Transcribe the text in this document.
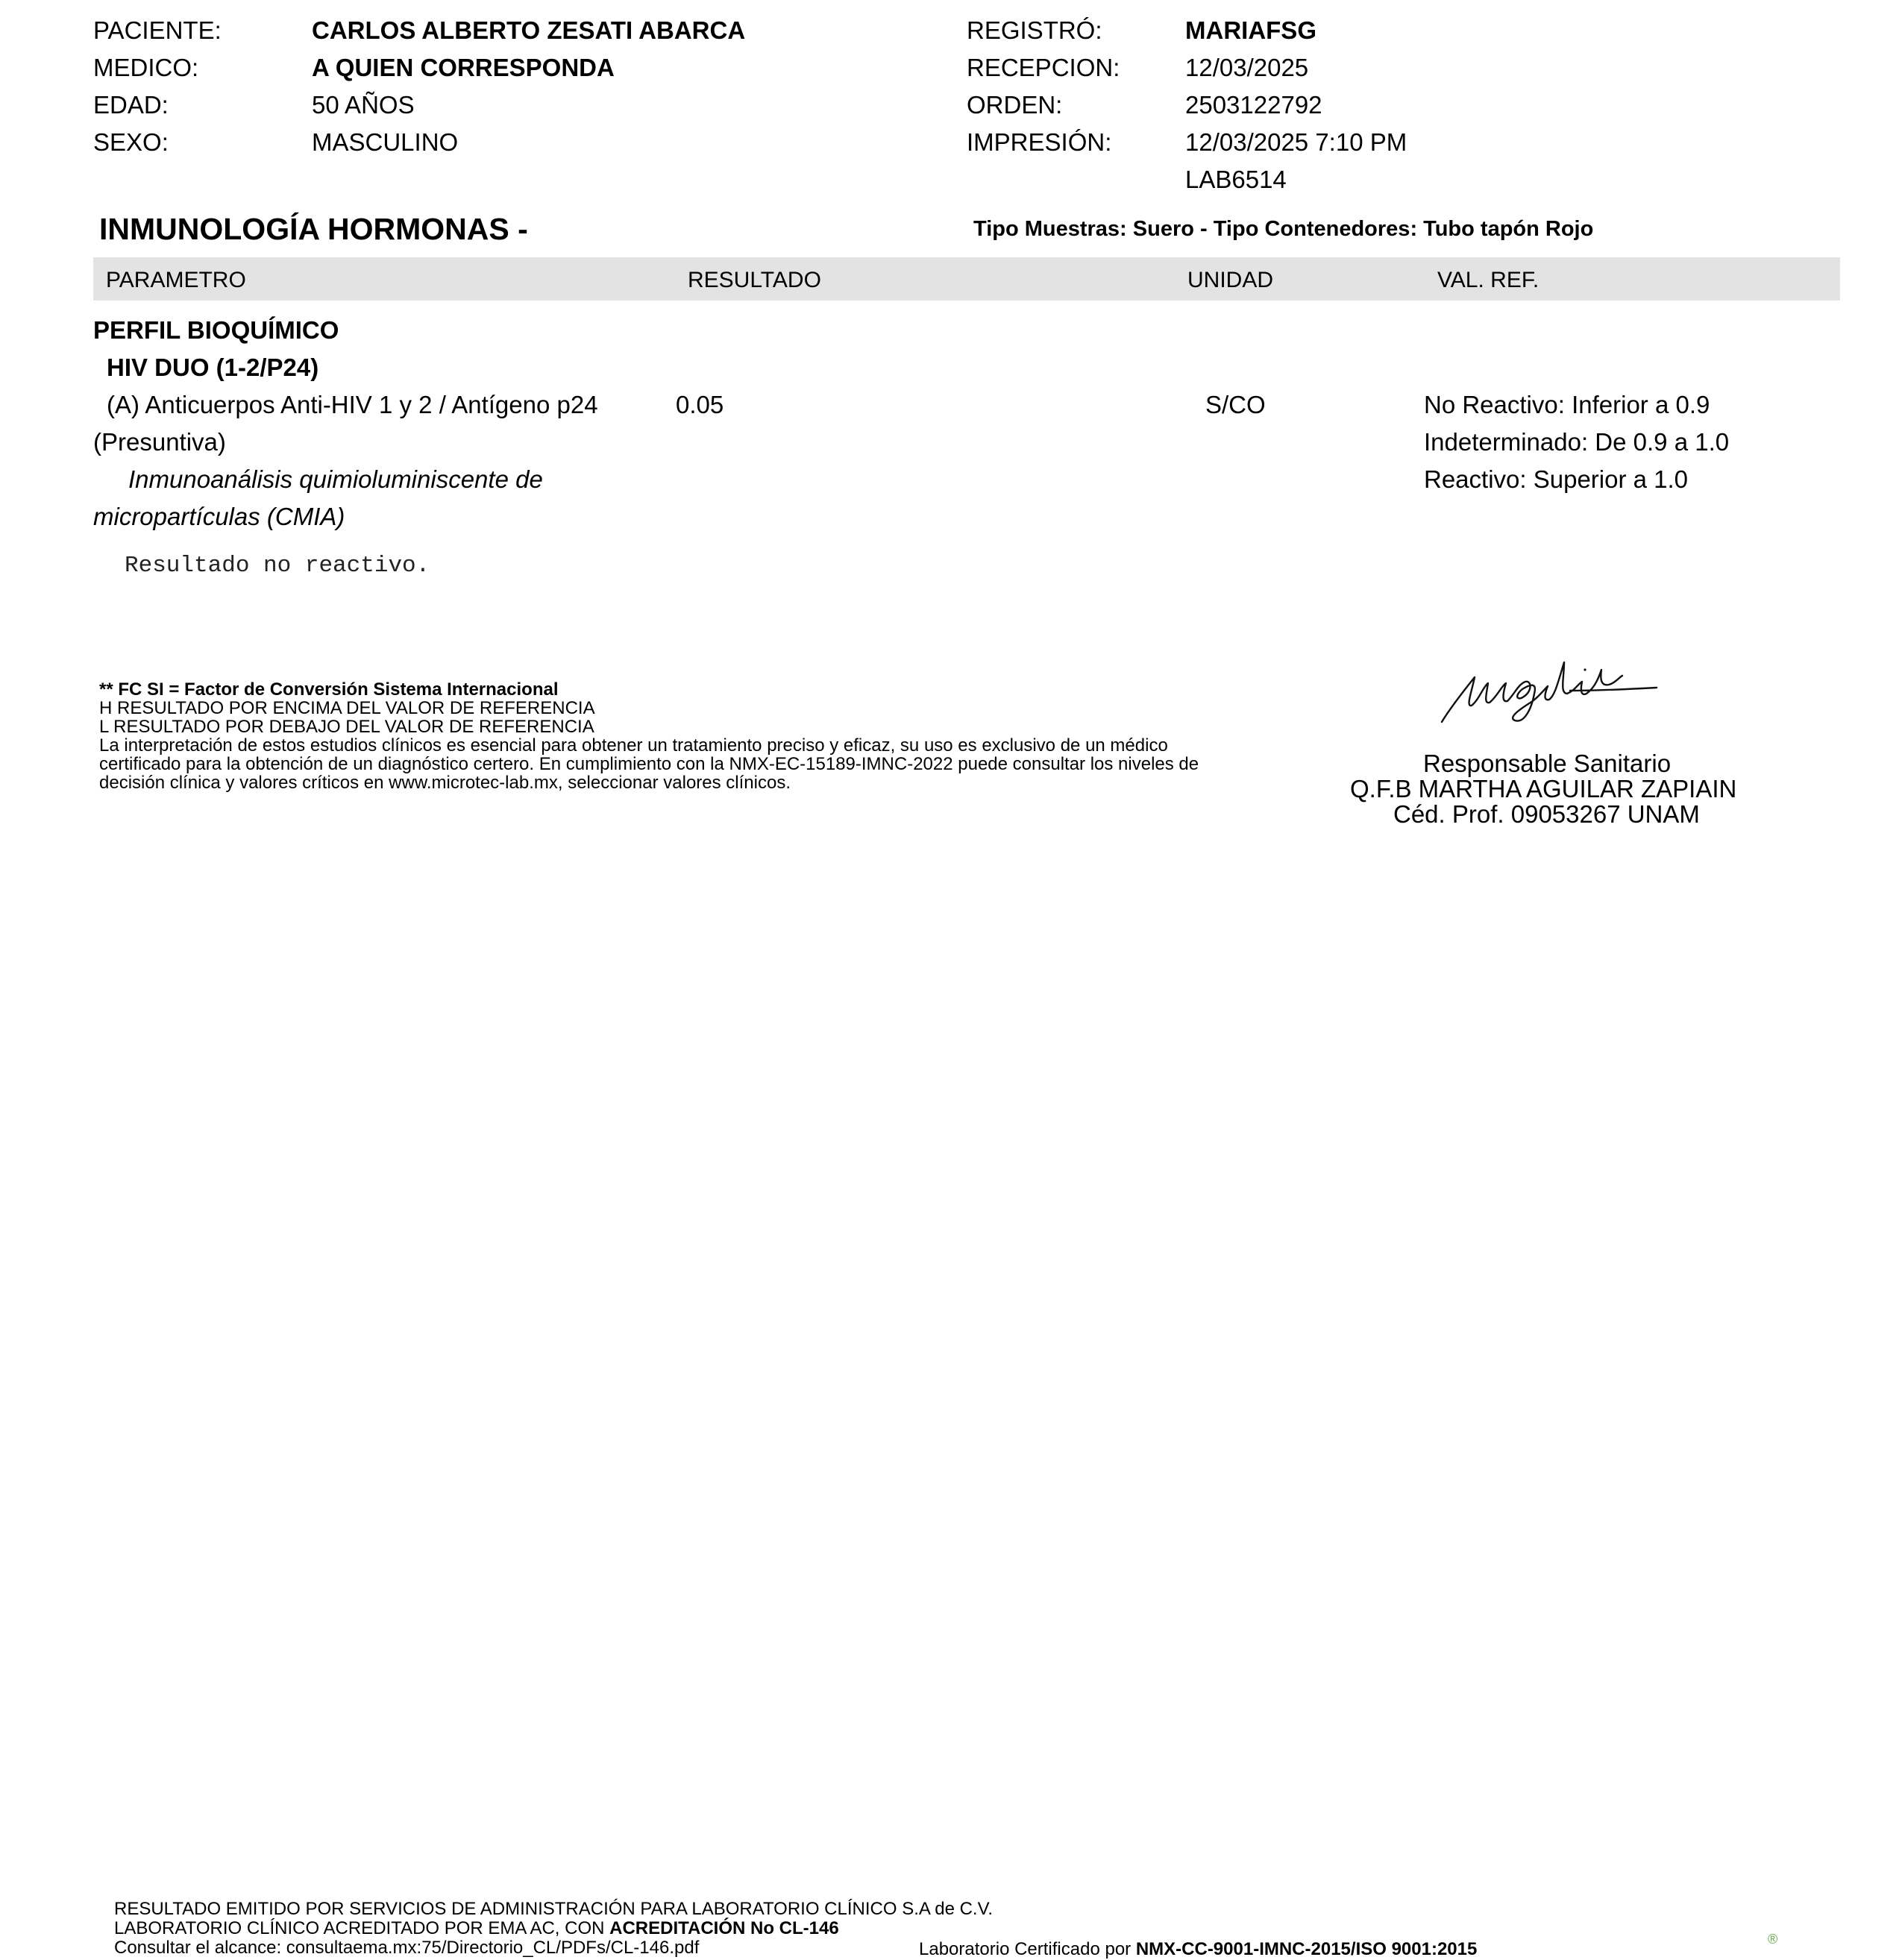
PACIENTE:	CARLOS ALBERTO ZESATI ABARCA
MEDICO:	A QUIEN CORRESPONDA
EDAD:	50 AÑOS
SEXO:	MASCULINO
REGISTRÓ:	MARIAFSG
RECEPCION:	12/03/2025
ORDEN:	2503122792
IMPRESIÓN:	12/03/2025 7:10 PM
LAB6514
INMUNOLOGÍA HORMONAS -	Tipo Muestras: Suero - Tipo Contenedores: Tubo tapón Rojo
PARAMETRO	RESULTADO	UNIDAD	VAL. REF.
PERFIL BIOQUÍMICO
HIV DUO (1-2/P24)
(A) Anticuerpos Anti-HIV 1 y 2 / Antígeno p24
(Presuntiva)
Inmunoanálisis quimioluminiscente de
micropartículas (CMIA)
0.05	S/CO	No Reactivo: Inferior a 0.9
Indeterminado: De 0.9 a 1.0
Reactivo: Superior a 1.0
Resultado no reactivo.
** FC SI = Factor de Conversión Sistema Internacional
H RESULTADO POR ENCIMA DEL VALOR DE REFERENCIA
L RESULTADO POR DEBAJO DEL VALOR DE REFERENCIA
La interpretación de estos estudios clínicos es esencial para obtener un tratamiento preciso y eficaz, su uso es exclusivo de un médico
certificado para la obtención de un diagnóstico certero. En cumplimiento con la NMX-EC-15189-IMNC-2022 puede consultar los niveles de
decisión clínica y valores críticos en www.microtec-lab.mx, seleccionar valores clínicos.
Responsable Sanitario
Q.F.B MARTHA AGUILAR ZAPIAIN
Céd. Prof. 09053267 UNAM
RESULTADO EMITIDO POR SERVICIOS DE ADMINISTRACIÓN PARA LABORATORIO CLÍNICO S.A de C.V.
LABORATORIO CLÍNICO ACREDITADO POR EMA AC, CON ACREDITACIÓN No CL-146
Consultar el alcance: consultaema.mx:75/Directorio_CL/PDFs/CL-146.pdf	Laboratorio Certificado por NMX-CC-9001-IMNC-2015/ISO 9001:2015	®
